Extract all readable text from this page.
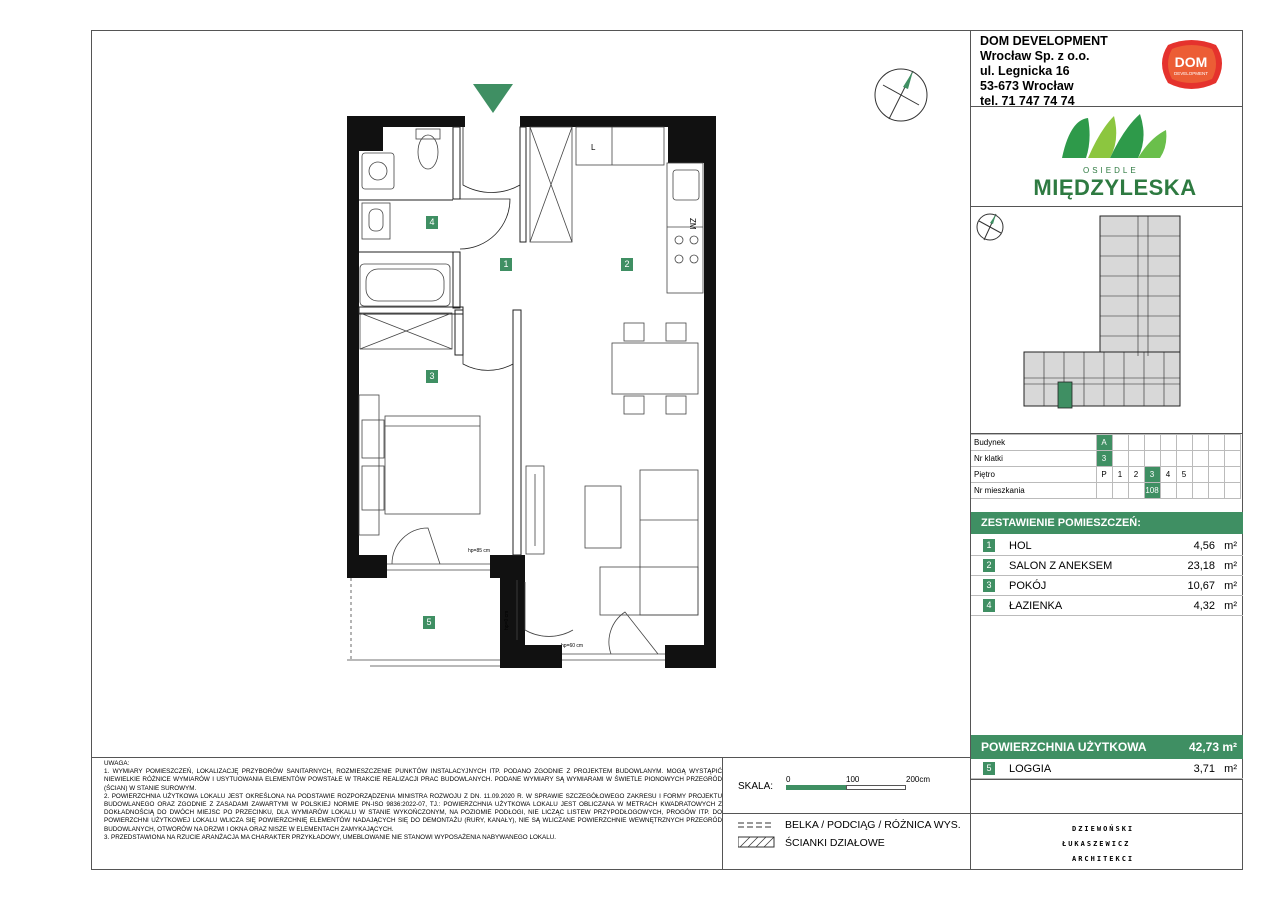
DOM DEVELOPMENT
Wrocław Sp. z o.o.
ul. Legnicka 16
53-673 Wrocław
tel. 71 747 74 74
DOM
DEVELOPMENT
OSIEDLE
MIĘDZYLESKA
Budynek	A								
Nr klatki	3								
Piętro	P	1	2	3	4	5			
Nr mieszkania				108					
ZESTAWIENIE POMIESZCZEŃ:
1	HOL	4,56 m²
2	SALON Z ANEKSEM	23,18 m²
3	POKÓJ	10,67 m²
4	ŁAZIENKA	4,32 m²
POWIERZCHNIA UŻYTKOWA	42,73 m²
5	LOGGIA	3,71 m²
L
ZM
hp=85 cm
hp=60 cm
hp=0 cm
4
1	2
3
5

UWAGA:

1. WYMIARY POMIESZCZEŃ, LOKALIZACJĘ PRZYBORÓW SANITARNYCH, ROZMIESZCZENIE PUNKTÓW INSTALACYJNYCH ITP. PODANO ZGODNIE Z PROJEKTEM BUDOWLANYM. MOGĄ WYSTĄPIĆ NIEWIELKIE RÓŻNICE WYMIARÓW I USYTUOWANIA ELEMENTÓW POWSTAŁE W TRAKCIE REALIZACJI PRAC BUDOWLANYCH. PODANE WYMIARY SĄ WYMIARAMI W ŚWIETLE PIONOWYCH PRZEGRÓD (ŚCIAN) W STANIE SUROWYM.

2. POWIERZCHNIA UŻYTKOWA LOKALU JEST OKREŚLONA NA PODSTAWIE ROZPORZĄDZENIA MINISTRA ROZWOJU Z DN. 11.09.2020 R. W SPRAWIE SZCZEGÓŁOWEGO ZAKRESU I FORMY PROJEKTU BUDOWLANEGO ORAZ ZGODNIE Z ZASADAMI ZAWARTYMI W POLSKIEJ NORMIE PN-ISO 9836:2022-07, TJ.: POWIERZCHNIA UŻYTKOWA LOKALU JEST OBLICZANA W METRACH KWADRATOWYCH Z DOKŁADNOŚCIĄ DO DWÓCH MIEJSC PO PRZECINKU, DLA WYMIARÓW LOKALU W STANIE WYKOŃCZONYM, NA POZIOMIE PODŁOGI, NIE LICZĄC LISTEW PRZYPODŁOGOWYCH, PROGÓW ITP. DO POWIERZCHNI UŻYTKOWEJ LOKALU WLICZA SIĘ POWIERZCHNIĘ ELEMENTÓW NADAJĄCYCH SIĘ DO DEMONTAŻU (RURY, KANAŁY), NIE SĄ WLICZANE POWIERZCHNIE WEWNĘTRZNYCH PRZEGRÓD BUDOWLANYCH, OTWORÓW NA DRZWI I OKNA ORAZ NISZE W ELEMENTACH ZAMYKAJĄCYCH.

3. PRZEDSTAWIONA NA RZUCIE ARANŻACJA MA CHARAKTER PRZYKŁADOWY, UMEBLOWANIE NIE STANOWI WYPOSAŻENIA NABYWANEGO LOKALU.

SKALA:
0	100	200cm
BELKA / PODCIĄG / RÓŻNICA WYS.
ŚCIANKI DZIAŁOWE
DZIEWOŃSKI
ŁUKASZEWICZ
ARCHITEKCI
